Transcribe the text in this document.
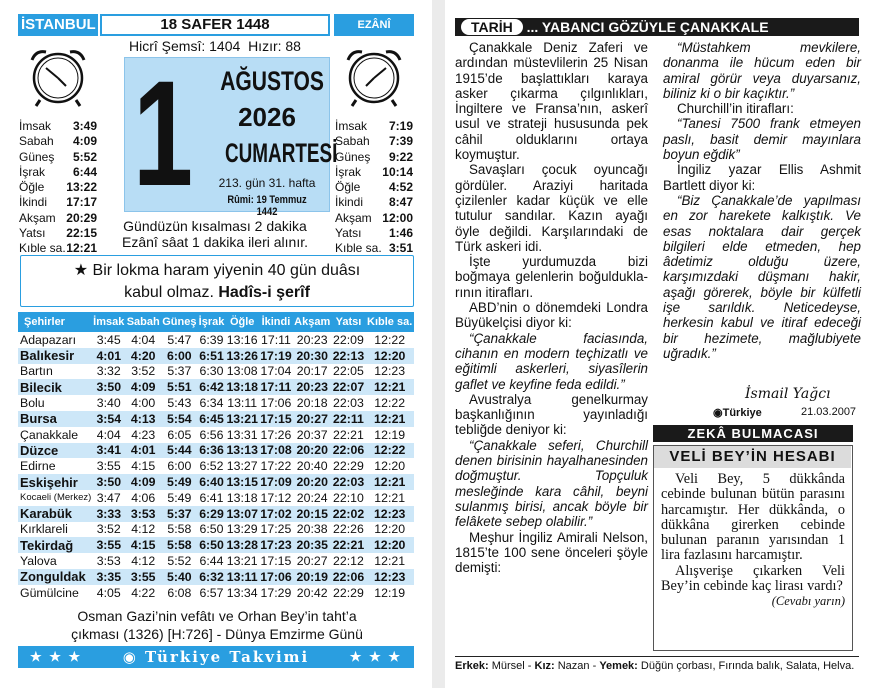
İSTANBUL	18 SAFER 1448	EZÂNÎ (MAHALLÎ)
Hicrî Şemsî: 1404 Hızır: 88
1 AĞUSTOS
2026
CUMARTESİ
213. gün 31. hafta
Rûmi: 19 Temmuz 1442
İmsak 3:49
Sabah 4:09
Güneş 5:52
İşrak 6:44
Öğle 13:22
İkindi 17:17
Akşam 20:29
Yatsı 22:15
Kıble sa. 12:21
İmsak 7:19
Sabah 7:39
Güneş 9:22
İşrak 10:14
Öğle 4:52
İkindi 8:47
Akşam 12:00
Yatsı 1:46
Kıble sa. 3:51
Gündüzün kısalması 2 dakika
Ezânî sâat 1 dakika ileri alınır.
★ Bir lokma haram yiyenin 40 gün duâsı
kabul olmaz. Hadîs-i şerîf
Şehirler	İmsak	Sabah	Güneş	İşrak	Öğle	İkindi	Akşam	Yatsı	Kıble sa.
Adapazarı	3:45	4:04	5:47	6:39	13:16	17:11	20:23	22:09	12:22
Balıkesir	4:01	4:20	6:00	6:51	13:26	17:19	20:30	22:13	12:20
Bartın	3:32	3:52	5:37	6:30	13:08	17:04	20:17	22:05	12:23
Bilecik	3:50	4:09	5:51	6:42	13:18	17:11	20:23	22:07	12:21
Bolu	3:40	4:00	5:43	6:34	13:11	17:06	20:18	22:03	12:22
Bursa	3:54	4:13	5:54	6:45	13:21	17:15	20:27	22:11	12:21
Çanakkale	4:04	4:23	6:05	6:56	13:31	17:26	20:37	22:21	12:19
Düzce	3:41	4:01	5:44	6:36	13:13	17:08	20:20	22:06	12:22
Edirne	3:55	4:15	6:00	6:52	13:27	17:22	20:40	22:29	12:20
Eskişehir	3:50	4:09	5:49	6:40	13:15	17:09	20:20	22:03	12:21
Kocaeli (Merkez)	3:47	4:06	5:49	6:41	13:18	17:12	20:24	22:10	12:21
Karabük	3:33	3:53	5:37	6:29	13:07	17:02	20:15	22:02	12:23
Kırklareli	3:52	4:12	5:58	6:50	13:29	17:25	20:38	22:26	12:20
Tekirdağ	3:55	4:15	5:58	6:50	13:28	17:23	20:35	22:21	12:20
Yalova	3:53	4:12	5:52	6:44	13:21	17:15	20:27	22:12	12:21
Zonguldak	3:35	3:55	5:40	6:32	13:11	17:06	20:19	22:06	12:23
Gümülcine	4:05	4:22	6:08	6:57	13:34	17:29	20:42	22:29	12:19
Osman Gazi’nin vefâtı ve Orhan Bey’in taht’a
çıkması (1326) [H:726] - Dünya Emzirme Günü
★ ★ ★	◉ Türkiye Takvimi	★ ★ ★
TARİH ... YABANCI GÖZÜYLE ÇANAKKALE

Çanakkale Deniz Zaferi ve ardından müstevlilerin 25 Nisan 1915’de başlattıkları karaya asker çıkarma çılgınlıkları, İngiltere ve Fransa’nın, askerî usul ve strateji hususunda pek câhil olduklarını ortaya koymuştur.

Savaşları çocuk oyuncağı gördüler. Araziyi haritada çizilenler kadar küçük ve elle tutulur sandılar. Kazın ayağı öyle değildi. Karşılarındaki de Türk askeri idi.

İşte yurdumuzda bizi boğmaya gelenlerin boğulduklarının itirafları.

ABD’nin o dönemdeki Londra Büyükelçisi diyor ki:

“Çanakkale faciasında, cihanın en modern teçhizatlı ve eğitimli askerleri, siyasîlerin gaflet ve keyfine feda edildi.”

Avustralya genelkurmay başkanlığının yayınladığı tebliğde deniyor ki:

“Çanakkale seferi, Churchill denen birisinin hayalhanesinden doğmuştur. Topçuluk mesleğinde kara câhil, beyni sulanmış birisi, ancak böyle bir felâkete sebep olabilir.”

Meşhur İngiliz Amirali Nelson, 1815’te 100 sene önceleri şöyle demişti:

“Müstahkem mevkilere, donanma ile hücum eden bir amiral görür veya duyarsanız, biliniz ki o bir kaçıktır.”

Churchill’in itirafları:

“Tanesi 7500 frank etmeyen paslı, basit demir mayınlara boyun eğdik”

İngiliz yazar Ellis Ashmit Bartlett diyor ki:

“Biz Çanakkale’de yapılması en zor harekete kalkıştık. Ve esas noktalara dair gerçek bilgileri elde etmeden, hep âdetimiz olduğu üzere, karşımızdaki düşmanı hakir, aşağı görerek, böyle bir külfetli işe sarıldık. Neticedeyse, herkesin kabul ve itiraf edeceği bir hezimete, mağlubiyete uğradık.”

İsmail Yağcı
◉Türkiye	21.03.2007
ZEKÂ BULMACASI
VELİ BEY’İN HESABI

Veli Bey, 5 dükkânda cebinde bulunan bütün parasını harcamıştır. Her dükkânda, o dükkâna girerken cebinde bulunan paranın yarısından 1 lira fazlasını harcamıştır.

Alışverişe çıkarken Veli Bey’in cebinde kaç lirası vardı?
(Cevabı yarın)

Erkek: Mürsel - Kız: Nazan - Yemek: Düğün çorbası, Fırında balık, Salata, Helva.
